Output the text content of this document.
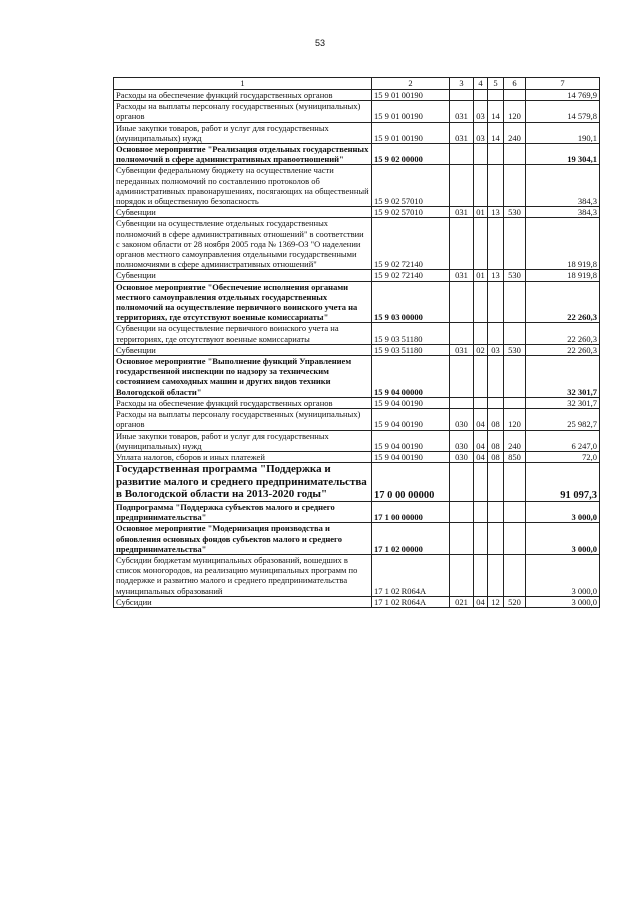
53
1	2	3	4	5	6	7
Расходы на обеспечение функций государственных органов	15 9 01 00190					14 769,9
Расходы на выплаты персоналу государственных (муниципальных) органов	15 9 01 00190	031	03	14	120	14 579,8
Иные закупки товаров, работ и услуг для государственных (муниципальных) нужд	15 9 01 00190	031	03	14	240	190,1
Основное мероприятие "Реализация отдельных государственных полномочий в сфере административных правоотношений"	15 9 02 00000					19 304,1
Субвенции федеральному бюджету на осуществление части переданных полномочий по составлению протоколов об административных правонарушениях, посягающих на общественный порядок и общественную безопасность	15 9 02 57010					384,3
Субвенции	15 9 02 57010	031	01	13	530	384,3
Субвенции на осуществление отдельных государственных полномочий в сфере административных отношений" в соответствии с законом области от 28 ноября 2005 года № 1369-ОЗ "О наделении органов местного самоуправления отдельными государственными полномочиями в сфере административных отношений"	15 9 02 72140					18 919,8
Субвенции	15 9 02 72140	031	01	13	530	18 919,8
Основное мероприятие "Обеспечение исполнения органами местного самоуправления отдельных государственных полномочий на осуществление первичного воинского учета на территориях, где отсутствуют военные комиссариаты"	15 9 03 00000					22 260,3
Субвенции на осуществление первичного воинского учета на территориях, где отсутствуют военные комиссариаты	15 9 03 51180					22 260,3
Субвенции	15 9 03 51180	031	02	03	530	22 260,3
Основное мероприятие "Выполнение функций Управлением государственной инспекции по надзору за техническим состоянием самоходных машин и других видов техники Вологодской области"	15 9 04 00000					32 301,7
Расходы на обеспечение функций государственных органов	15 9 04 00190					32 301,7
Расходы на выплаты персоналу государственных (муниципальных) органов	15 9 04 00190	030	04	08	120	25 982,7
Иные закупки товаров, работ и услуг для государственных (муниципальных) нужд	15 9 04 00190	030	04	08	240	6 247,0
Уплата налогов, сборов и иных платежей	15 9 04 00190	030	04	08	850	72,0
Государственная программа "Поддержка и развитие малого и среднего предпринимательства в Вологодской области на 2013-2020 годы"	17 0 00 00000					91 097,3
Подпрограмма "Поддержка субъектов малого и среднего предпринимательства"	17 1 00 00000					3 000,0
Основное мероприятие "Модернизация производства и обновления основных фондов субъектов малого и среднего предпринимательства"	17 1 02 00000					3 000,0
Субсидии бюджетам муниципальных образований, вошедших в список моногородов, на реализацию муниципальных программ по поддержке и развитию малого и среднего предпринимательства муниципальных образований	17 1 02 R064A					3 000,0
Субсидии	17 1 02 R064A	021	04	12	520	3 000,0
